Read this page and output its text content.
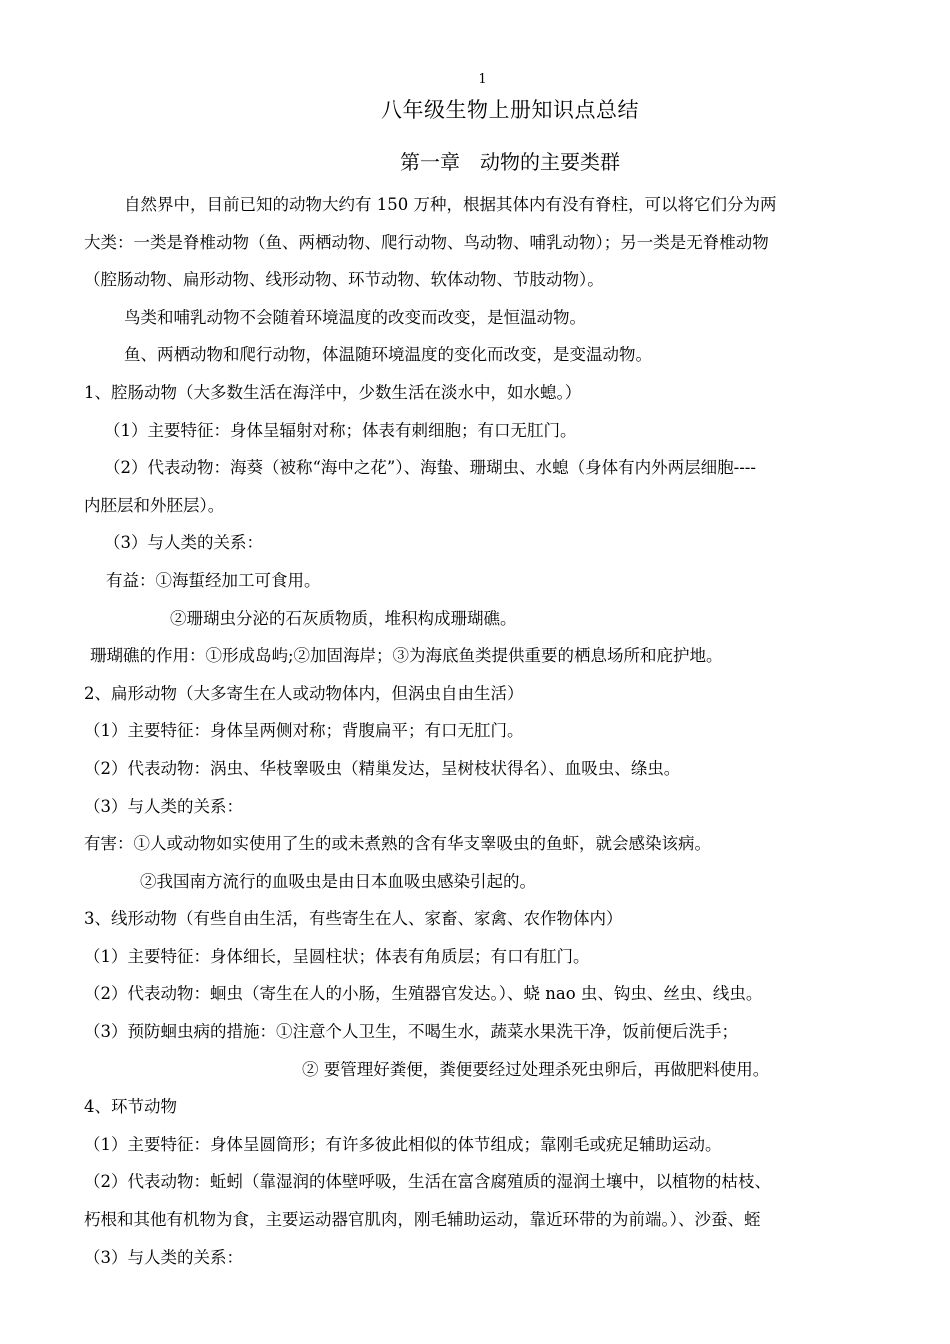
1
八年级生物上册知识点总结
第一章　动物的主要类群
自然界中，目前已知的动物大约有 150 万种，根据其体内有没有脊柱，可以将它们分为两
大类：一类是脊椎动物（鱼、两栖动物、爬行动物、鸟动物、哺乳动物）；另一类是无脊椎动物
（腔肠动物、扁形动物、线形动物、环节动物、软体动物、节肢动物）。
鸟类和哺乳动物不会随着环境温度的改变而改变，是恒温动物。
鱼、两栖动物和爬行动物，体温随环境温度的变化而改变，是变温动物。
1、腔肠动物（大多数生活在海洋中，少数生活在淡水中，如水螅。）
（1）主要特征：身体呈辐射对称；体表有刺细胞；有口无肛门。
（2）代表动物：海葵（被称“海中之花”）、海蛰、珊瑚虫、水螅（身体有内外两层细胞----
内胚层和外胚层）。
（3）与人类的关系：
有益：①海蜇经加工可食用。
②珊瑚虫分泌的石灰质物质，堆积构成珊瑚礁。
珊瑚礁的作用：①形成岛屿;②加固海岸；③为海底鱼类提供重要的栖息场所和庇护地。
2、扁形动物（大多寄生在人或动物体内，但涡虫自由生活）
（1）主要特征：身体呈两侧对称；背腹扁平；有口无肛门。
（2）代表动物：涡虫、华枝睾吸虫（精巢发达，呈树枝状得名）、血吸虫、绦虫。
（3）与人类的关系：
有害：①人或动物如实使用了生的或未煮熟的含有华支睾吸虫的鱼虾，就会感染该病。
②我国南方流行的血吸虫是由日本血吸虫感染引起的。
3、线形动物（有些自由生活，有些寄生在人、家畜、家禽、农作物体内）
（1）主要特征：身体细长，呈圆柱状；体表有角质层；有口有肛门。
（2）代表动物：蛔虫（寄生在人的小肠，生殖器官发达。）、蛲 nao 虫、钩虫、丝虫、线虫。
（3）预防蛔虫病的措施：①注意个人卫生，不喝生水，蔬菜水果洗干净，饭前便后洗手；
② 要管理好粪便，粪便要经过处理杀死虫卵后，再做肥料使用。
4、环节动物
（1）主要特征：身体呈圆筒形；有许多彼此相似的体节组成；靠刚毛或疣足辅助运动。
（2）代表动物：蚯蚓（靠湿润的体壁呼吸，生活在富含腐殖质的湿润土壤中，以植物的枯枝、
朽根和其他有机物为食，主要运动器官肌肉，刚毛辅助运动，靠近环带的为前端。）、沙蚕、蛭
（3）与人类的关系：
